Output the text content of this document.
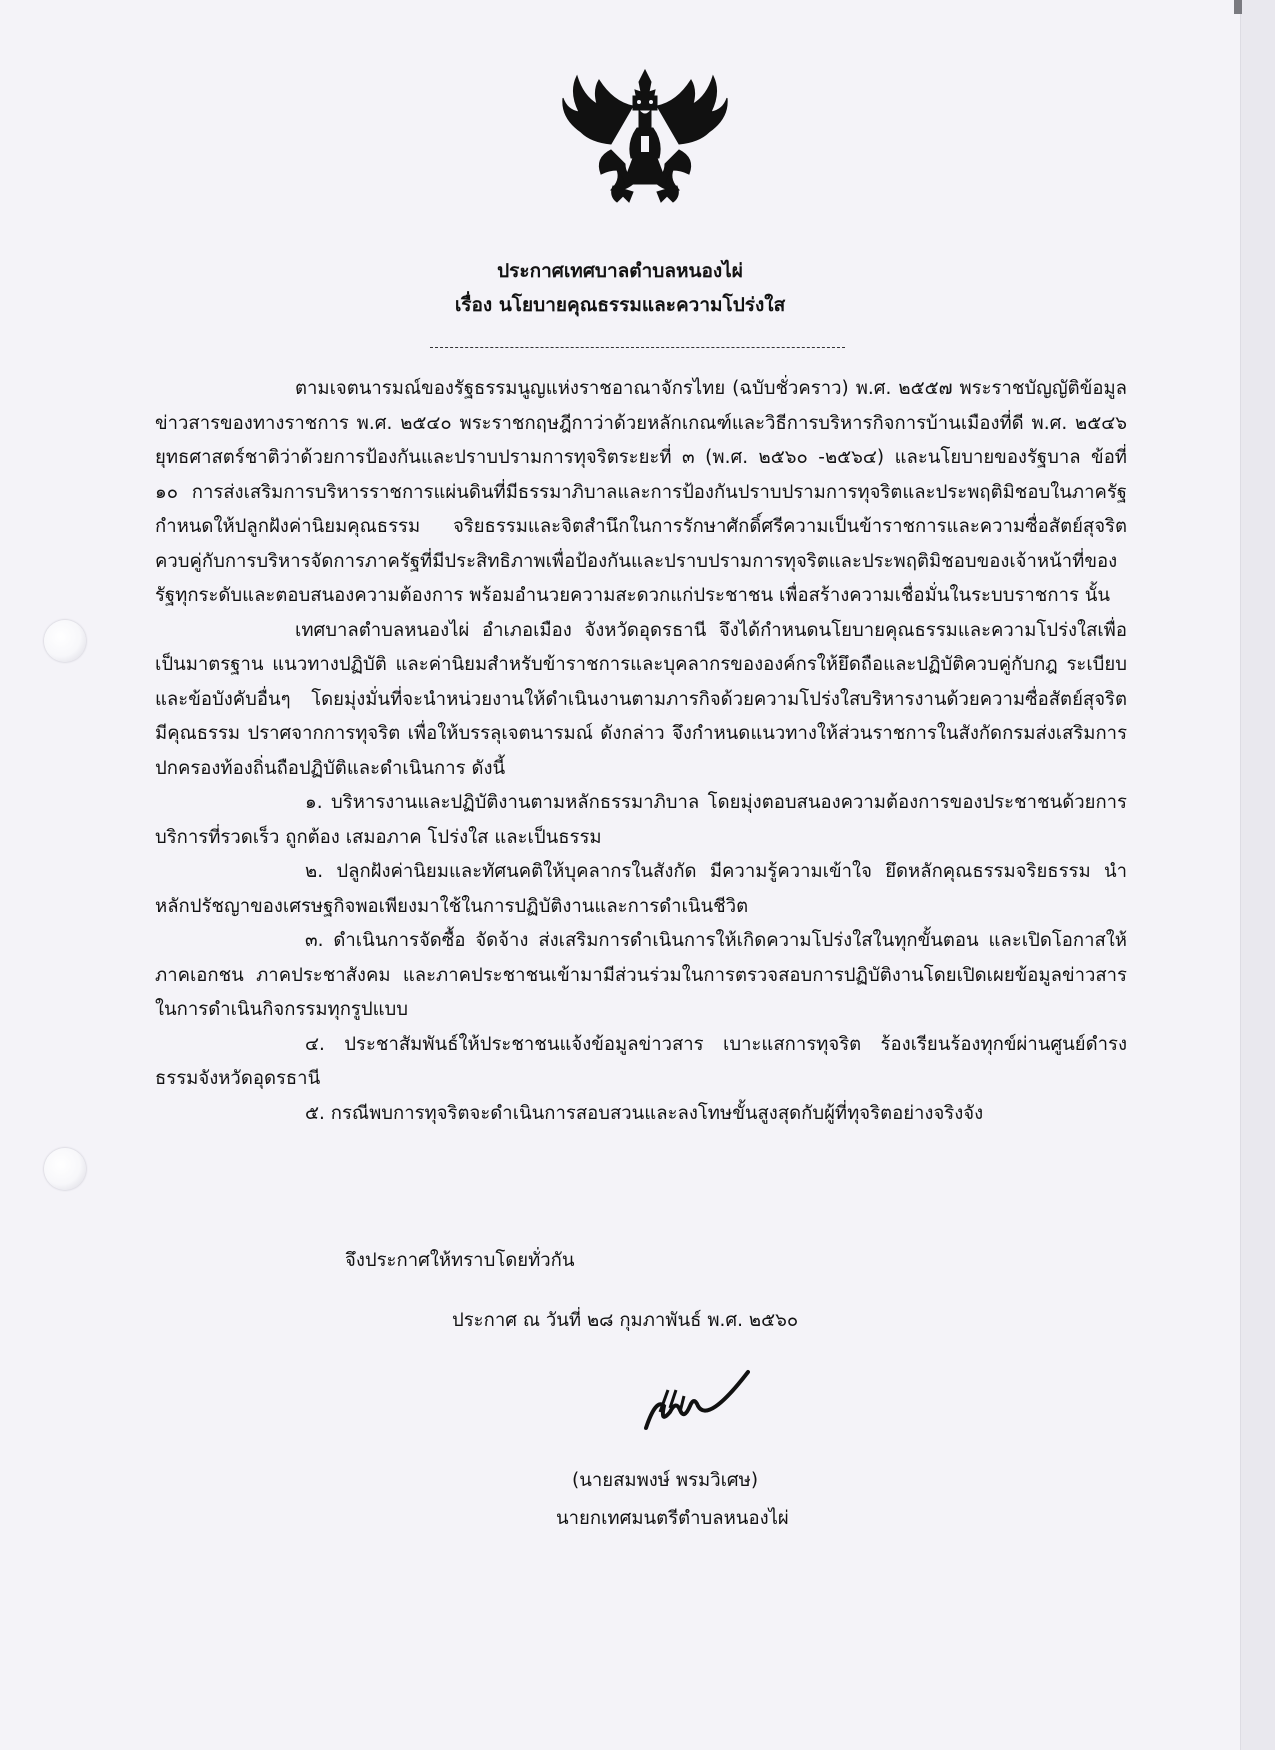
ประกาศเทศบาลตำบลหนองไผ่
เรื่อง นโยบายคุณธรรมและความโปร่งใส

ตามเจตนารมณ์ของรัฐธรรมนูญแห่งราชอาณาจักรไทย (ฉบับชั่วคราว) พ.ศ. ๒๕๕๗ พระราชบัญญัติข้อมูลข่าวสารของทางราชการ พ.ศ. ๒๕๔๐ พระราชกฤษฎีกาว่าด้วยหลักเกณฑ์และวิธีการบริหารกิจการบ้านเมืองที่ดี พ.ศ. ๒๕๔๖ ยุทธศาสตร์ชาติว่าด้วยการป้องกันและปราบปรามการทุจริตระยะที่ ๓ (พ.ศ. ๒๕๖๐ -๒๕๖๔) และนโยบายของรัฐบาล ข้อที่ ๑๐ การส่งเสริมการบริหารราชการแผ่นดินที่มีธรรมาภิบาลและการป้องกันปราบปรามการทุจริตและประพฤติมิชอบในภาครัฐ กำหนดให้ปลูกฝังค่านิยมคุณธรรม จริยธรรมและจิตสำนึกในการรักษาศักดิ์ศรีความเป็นข้าราชการและความซื่อสัตย์สุจริต ควบคู่กับการบริหารจัดการภาครัฐที่มีประสิทธิภาพเพื่อป้องกันและปราบปรามการทุจริตและประพฤติมิชอบของเจ้าหน้าที่ของรัฐทุกระดับและตอบสนองความต้องการ พร้อมอำนวยความสะดวกแก่ประชาชน เพื่อสร้างความเชื่อมั่นในระบบราชการ นั้น

เทศบาลตำบลหนองไผ่ อำเภอเมือง จังหวัดอุดรธานี จึงได้กำหนดนโยบายคุณธรรมและความโปร่งใสเพื่อเป็นมาตรฐาน แนวทางปฏิบัติ และค่านิยมสำหรับข้าราชการและบุคลากรขององค์กรให้ยึดถือและปฏิบัติควบคู่กับกฎ ระเบียบ และข้อบังคับอื่นๆ โดยมุ่งมั่นที่จะนำหน่วยงานให้ดำเนินงานตามภารกิจด้วยความโปร่งใสบริหารงานด้วยความซื่อสัตย์สุจริต มีคุณธรรม ปราศจากการทุจริต เพื่อให้บรรลุเจตนารมณ์ ดังกล่าว จึงกำหนดแนวทางให้ส่วนราชการในสังกัดกรมส่งเสริมการปกครองท้องถิ่นถือปฏิบัติและดำเนินการ ดังนี้

๑. บริหารงานและปฏิบัติงานตามหลักธรรมาภิบาล โดยมุ่งตอบสนองความต้องการของประชาชนด้วยการบริการที่รวดเร็ว ถูกต้อง เสมอภาค โปร่งใส และเป็นธรรม

๒. ปลูกฝังค่านิยมและทัศนคติให้บุคลากรในสังกัด มีความรู้ความเข้าใจ ยึดหลักคุณธรรมจริยธรรม นำหลักปรัชญาของเศรษฐกิจพอเพียงมาใช้ในการปฏิบัติงานและการดำเนินชีวิต

๓. ดำเนินการจัดซื้อ จัดจ้าง ส่งเสริมการดำเนินการให้เกิดความโปร่งใสในทุกขั้นตอน และเปิดโอกาสให้ภาคเอกชน ภาคประชาสังคม และภาคประชาชนเข้ามามีส่วนร่วมในการตรวจสอบการปฏิบัติงานโดยเปิดเผยข้อมูลข่าวสารในการดำเนินกิจกรรมทุกรูปแบบ

๔. ประชาสัมพันธ์ให้ประชาชนแจ้งข้อมูลข่าวสาร เบาะแสการทุจริต ร้องเรียนร้องทุกข์ผ่านศูนย์ดำรงธรรมจังหวัดอุดรธานี

๕. กรณีพบการทุจริตจะดำเนินการสอบสวนและลงโทษขั้นสูงสุดกับผู้ที่ทุจริตอย่างจริงจัง

จึงประกาศให้ทราบโดยทั่วกัน
ประกาศ ณ วันที่ ๒๘ กุมภาพันธ์ พ.ศ. ๒๕๖๐
(นายสมพงษ์ พรมวิเศษ)
นายกเทศมนตรีตำบลหนองไผ่
